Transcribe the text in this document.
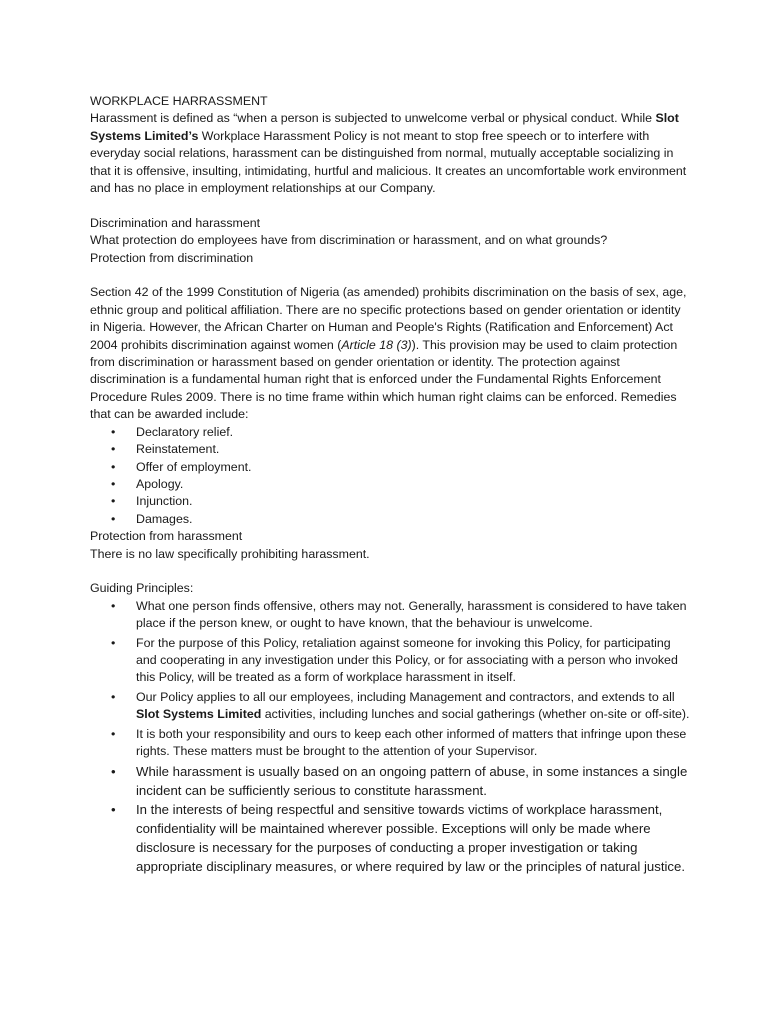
WORKPLACE HARRASSMENT

Harassment is defined as “when a person is subjected to unwelcome verbal or physical conduct. While Slot Systems Limited’s Workplace Harassment Policy is not meant to stop free speech or to interfere with everyday social relations, harassment can be distinguished from normal, mutually acceptable socializing in that it is offensive, insulting, intimidating, hurtful and malicious. It creates an uncomfortable work environment and has no place in employment relationships at our Company.

Discrimination and harassment

What protection do employees have from discrimination or harassment, and on what grounds?

Protection from discrimination

Section 42 of the 1999 Constitution of Nigeria (as amended) prohibits discrimination on the basis of sex, age, ethnic group and political affiliation. There are no specific protections based on gender orientation or identity in Nigeria. However, the African Charter on Human and People's Rights (Ratification and Enforcement) Act 2004 prohibits discrimination against women (Article 18 (3)). This provision may be used to claim protection from discrimination or harassment based on gender orientation or identity. The protection against discrimination is a fundamental human right that is enforced under the Fundamental Rights Enforcement Procedure Rules 2009. There is no time frame within which human right claims can be enforced. Remedies that can be awarded include:

• Declaratory relief.
• Reinstatement.
• Offer of employment.
• Apology.
• Injunction.
• Damages.

Protection from harassment

There is no law specifically prohibiting harassment.

Guiding Principles:

• What one person finds offensive, others may not. Generally, harassment is considered to have taken place if the person knew, or ought to have known, that the behaviour is unwelcome.
• For the purpose of this Policy, retaliation against someone for invoking this Policy, for participating and cooperating in any investigation under this Policy, or for associating with a person who invoked this Policy, will be treated as a form of workplace harassment in itself.
• Our Policy applies to all our employees, including Management and contractors, and extends to all Slot Systems Limited activities, including lunches and social gatherings (whether on-site or off-site).
• It is both your responsibility and ours to keep each other informed of matters that infringe upon these rights. These matters must be brought to the attention of your Supervisor.
• While harassment is usually based on an ongoing pattern of abuse, in some instances a single incident can be sufficiently serious to constitute harassment.
• In the interests of being respectful and sensitive towards victims of workplace harassment, confidentiality will be maintained wherever possible. Exceptions will only be made where disclosure is necessary for the purposes of conducting a proper investigation or taking appropriate disciplinary measures, or where required by law or the principles of natural justice.
